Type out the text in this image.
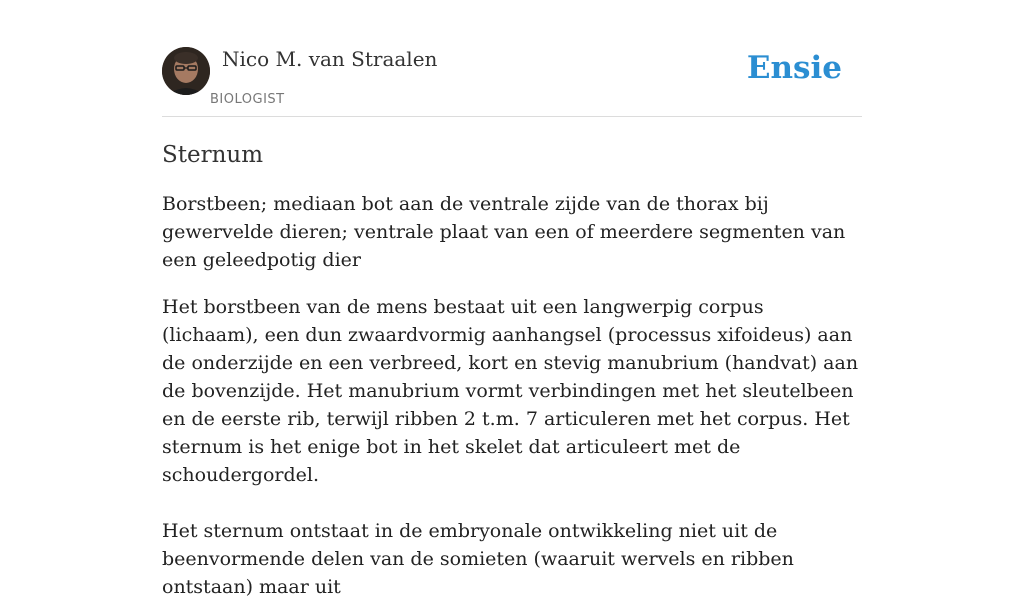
Nico M. van Straalen
BIOLOGIST
Ensie
Sternum

Borstbeen; mediaan bot aan de ventrale zijde van de thorax bij gewervelde dieren; ventrale plaat van een of meerdere segmenten van een geleedpotig dier

Het borstbeen van de mens bestaat uit een langwerpig corpus (lichaam), een dun zwaardvormig aanhangsel (processus xifoideus) aan de onderzijde en een verbreed, kort en stevig manubrium (handvat) aan de bovenzijde. Het manubrium vormt verbindingen met het sleutelbeen en de eerste rib, terwijl ribben 2 t.m. 7 articuleren met het corpus. Het sternum is het enige bot in het skelet dat articuleert met de schoudergordel.

Het sternum ontstaat in de embryonale ontwikkeling niet uit de beenvormende delen van de somieten (waaruit wervels en ribben ontstaan) maar uit
